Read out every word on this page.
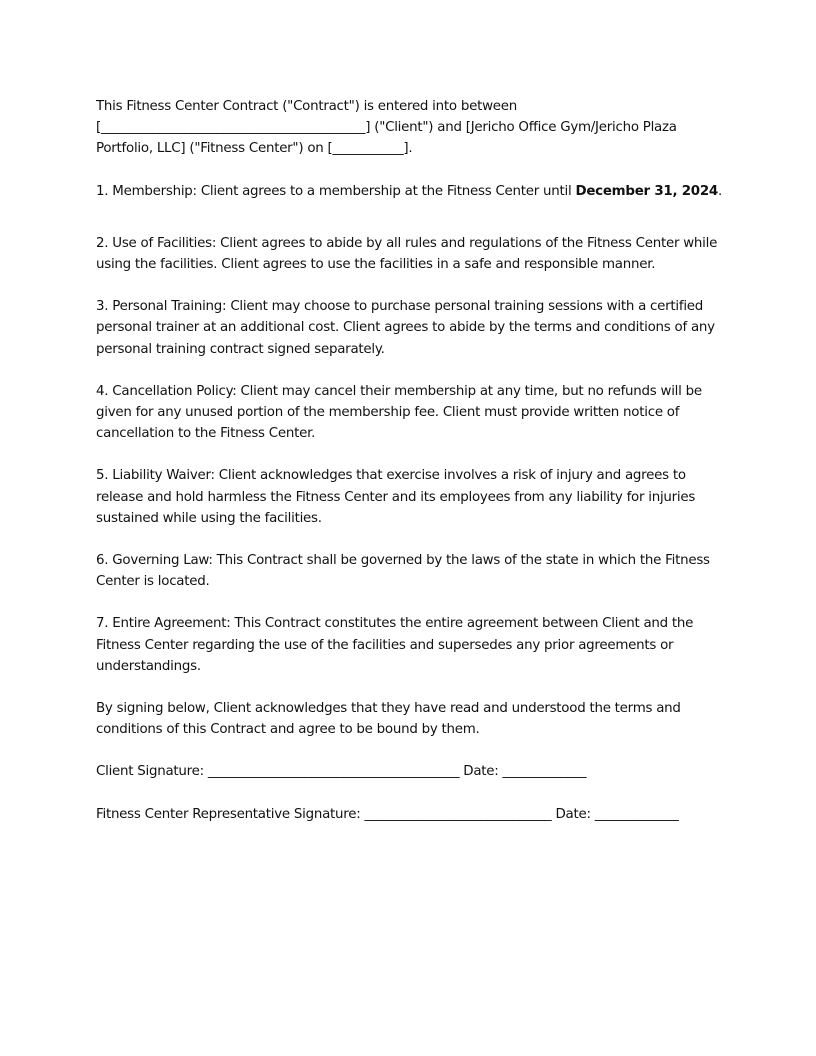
This Fitness Center Contract ("Contract") is entered into between
[_________________________________________] ("Client") and [Jericho Office Gym/Jericho Plaza Portfolio, LLC] ("Fitness Center") on [___________].

1. Membership: Client agrees to a membership at the Fitness Center until December 31, 2024.

2. Use of Facilities: Client agrees to abide by all rules and regulations of the Fitness Center while using the facilities. Client agrees to use the facilities in a safe and responsible manner.

3. Personal Training: Client may choose to purchase personal training sessions with a certified personal trainer at an additional cost. Client agrees to abide by the terms and conditions of any personal training contract signed separately.

4. Cancellation Policy: Client may cancel their membership at any time, but no refunds will be given for any unused portion of the membership fee. Client must provide written notice of cancellation to the Fitness Center.

5. Liability Waiver: Client acknowledges that exercise involves a risk of injury and agrees to release and hold harmless the Fitness Center and its employees from any liability for injuries sustained while using the facilities.

6. Governing Law: This Contract shall be governed by the laws of the state in which the Fitness Center is located.

7. Entire Agreement: This Contract constitutes the entire agreement between Client and the Fitness Center regarding the use of the facilities and supersedes any prior agreements or understandings.

By signing below, Client acknowledges that they have read and understood the terms and conditions of this Contract and agree to be bound by them.

Client Signature: _______________________________________ Date: _____________

Fitness Center Representative Signature: _____________________________ Date: _____________
